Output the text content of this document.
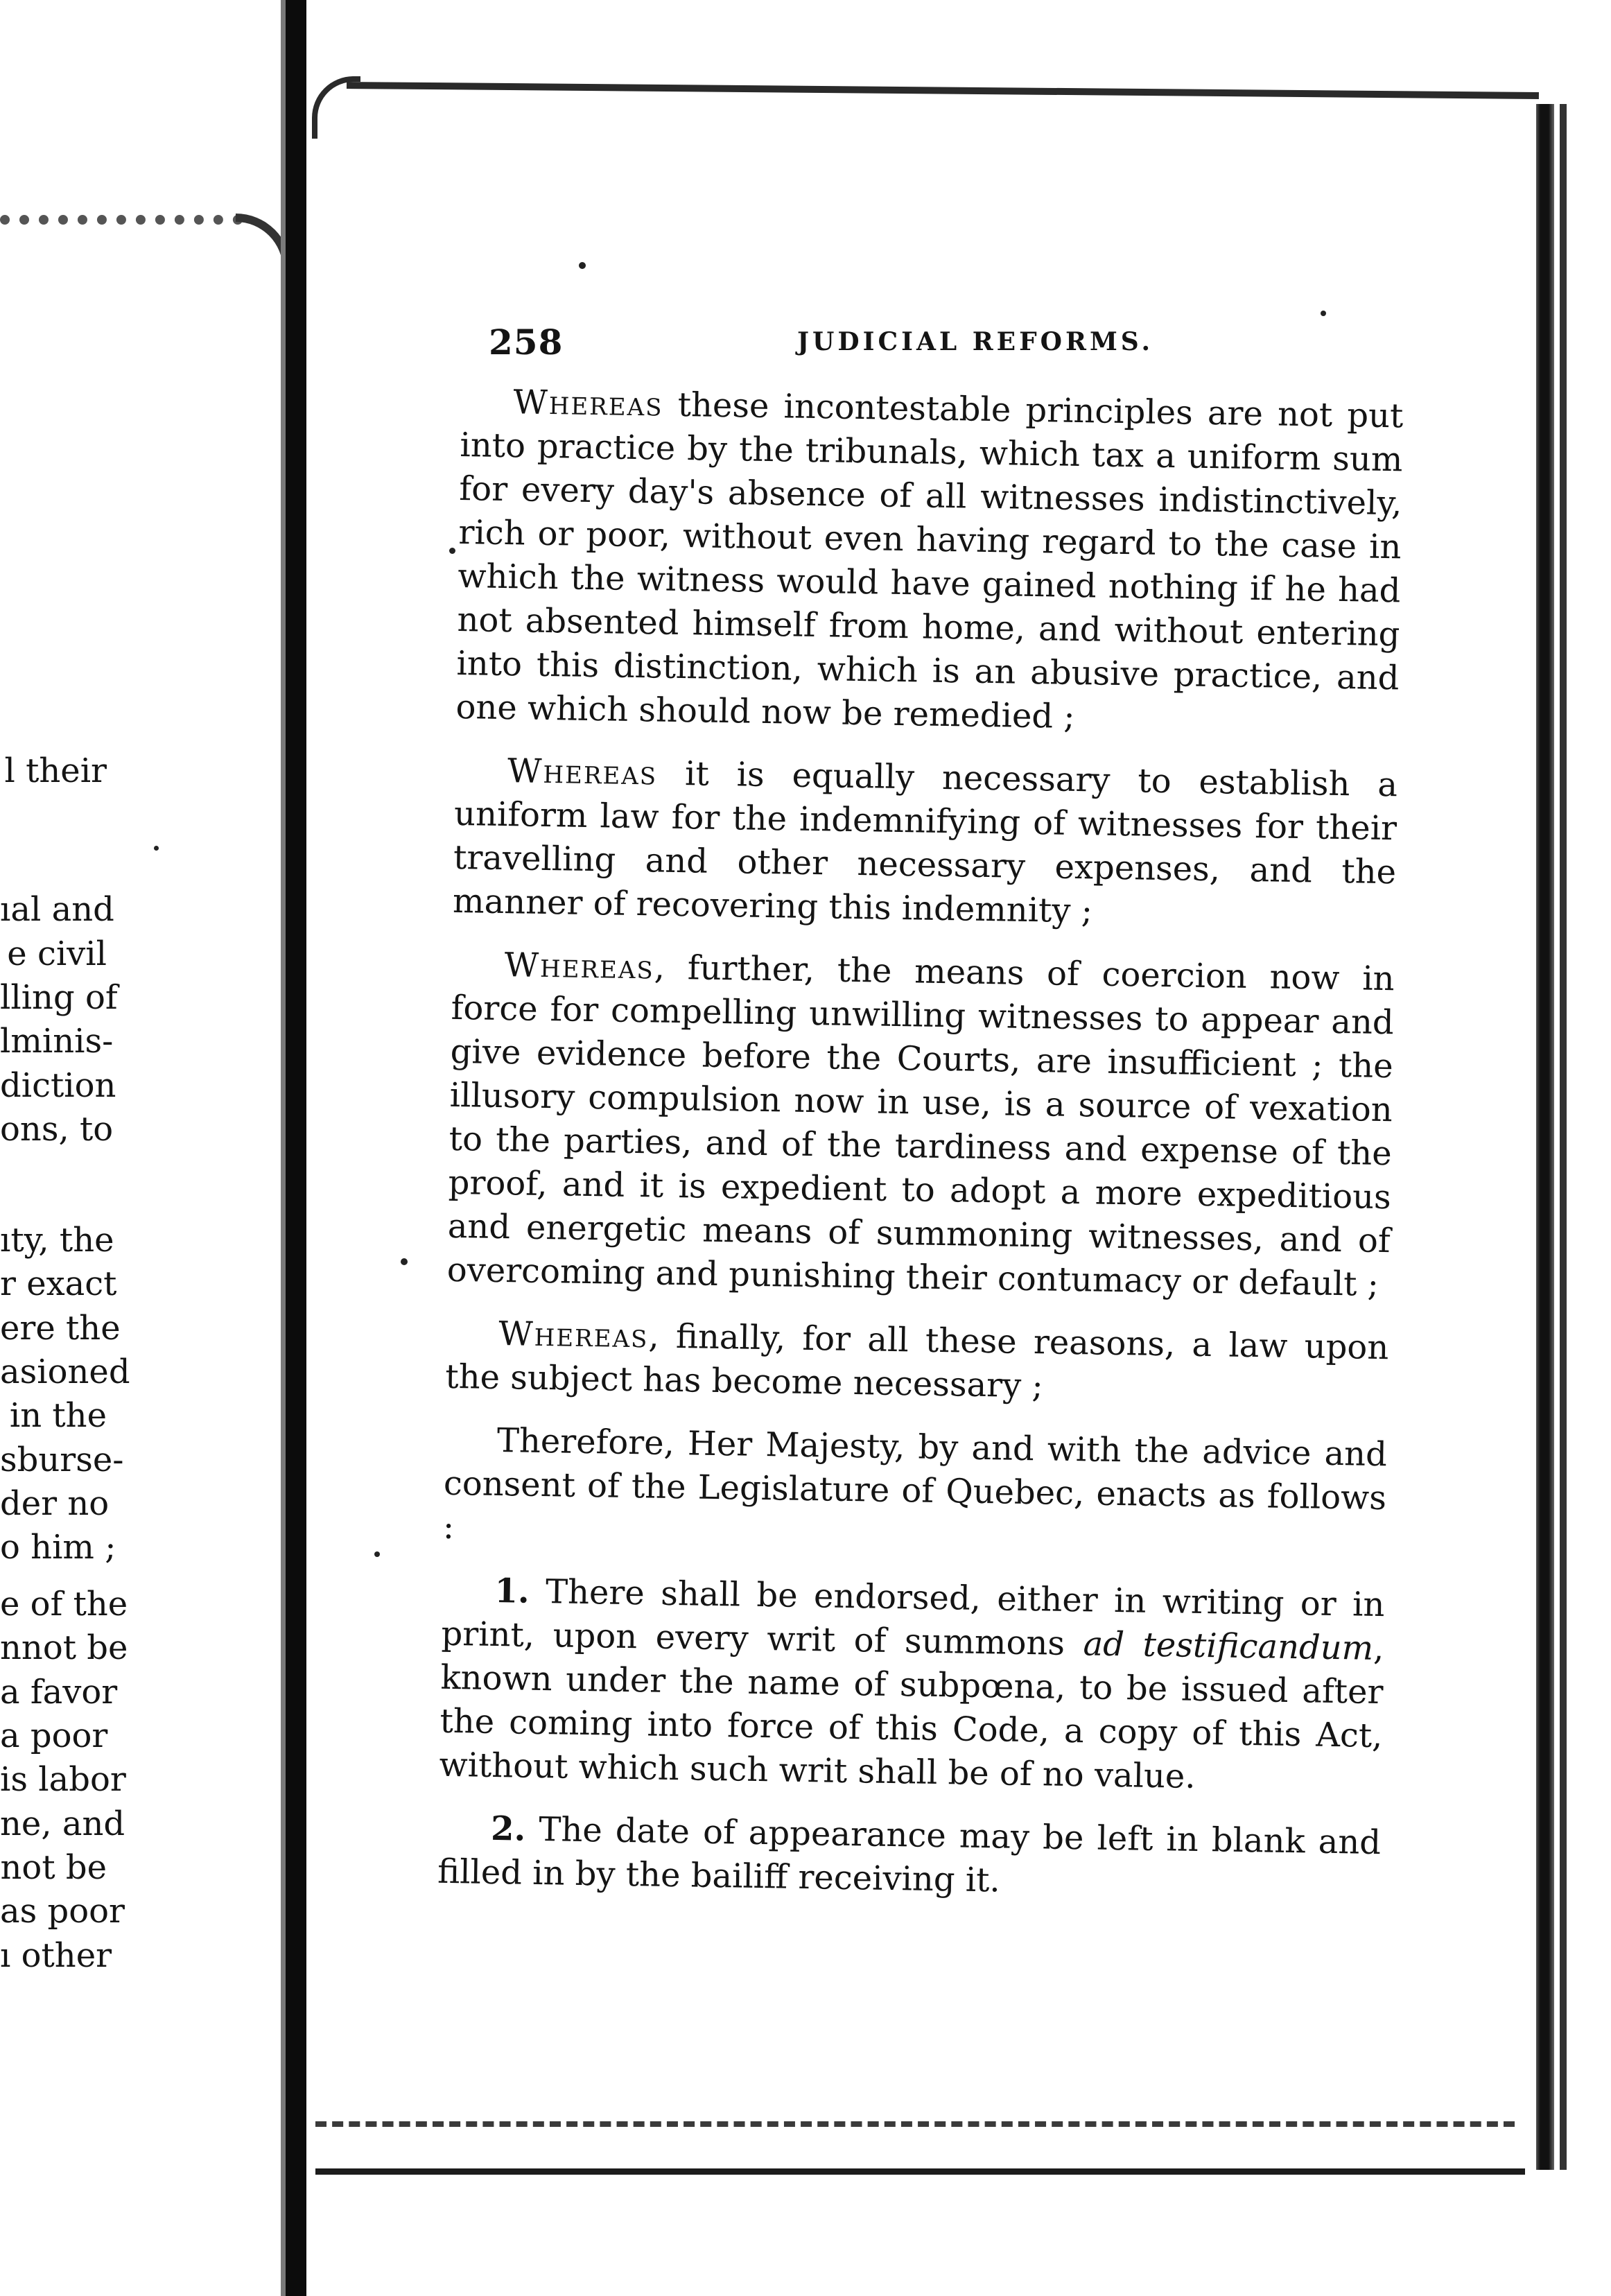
l their
ıal and
e civil
lling of
lminis-
diction
ons, to
ıty, the
r exact
ere the
asioned
in the
sburse-
der no
o him ;
e of the
nnot be
a favor
a poor
is labor
ne, and
not be
as poor
ı other
258	JUDICIAL REFORMS.

Whereas these incontestable principles are not put into practice by the tribunals, which tax a uniform sum for every day's absence of all witnesses indistinctively, rich or poor, without even having regard to the case in which the witness would have gained nothing if he had not absented himself from home, and without entering into this distinction, which is an abusive practice, and one which should now be remedied ;

Whereas it is equally necessary to establish a uniform law for the indemnifying of witnesses for their travelling and other necessary expenses, and the manner of recovering this indemnity ;

Whereas, further, the means of coercion now in force for compelling unwilling witnesses to appear and give evidence before the Courts, are insufficient ; the illusory compulsion now in use, is a source of vexation to the parties, and of the tardiness and expense of the proof, and it is expedient to adopt a more expeditious and energetic means of summoning witnesses, and of overcoming and punishing their contumacy or default ;

Whereas, finally, for all these reasons, a law upon the subject has become necessary ;

Therefore, Her Majesty, by and with the advice and consent of the Legislature of Quebec, enacts as follows :

1. There shall be endorsed, either in writing or in print, upon every writ of summons ad testificandum, known under the name of subpœna, to be issued after the coming into force of this Code, a copy of this Act, without which such writ shall be of no value.

2. The date of appearance may be left in blank and filled in by the bailiff receiving it.
